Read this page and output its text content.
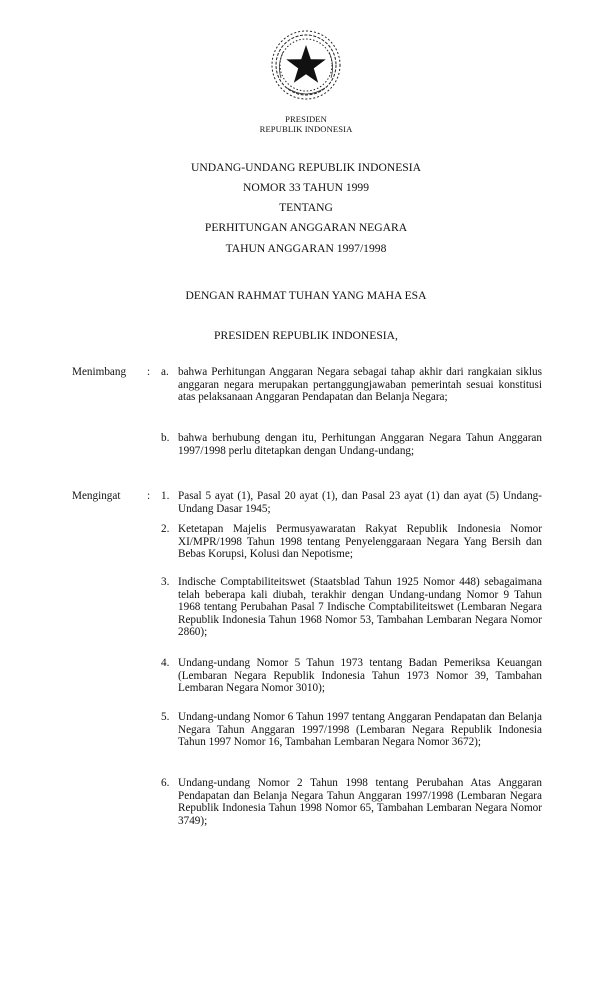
PRESIDEN
REPUBLIK INDONESIA
UNDANG-UNDANG REPUBLIK INDONESIA
NOMOR 33 TAHUN 1999
TENTANG
PERHITUNGAN ANGGARAN NEGARA
TAHUN ANGGARAN 1997/1998
DENGAN RAHMAT TUHAN YANG MAHA ESA
PRESIDEN REPUBLIK INDONESIA,
Menimbang : a. bahwa Perhitungan Anggaran Negara sebagai tahap akhir dari rangkaian siklus anggaran negara merupakan pertanggungjawaban pemerintah sesuai konstitusi atas pelaksanaan Anggaran Pendapatan dan Belanja Negara;
b. bahwa berhubung dengan itu, Perhitungan Anggaran Negara Tahun Anggaran 1997/1998 perlu ditetapkan dengan Undang-undang;
Mengingat : 1. Pasal 5 ayat (1), Pasal 20 ayat (1), dan Pasal 23 ayat (1) dan ayat (5) Undang-Undang Dasar 1945;
2. Ketetapan Majelis Permusyawaratan Rakyat Republik Indonesia Nomor XI/MPR/1998 Tahun 1998 tentang Penyelenggaraan Negara Yang Bersih dan Bebas Korupsi, Kolusi dan Nepotisme;
3. Indische Comptabiliteitswet (Staatsblad Tahun 1925 Nomor 448) sebagaimana telah beberapa kali diubah, terakhir dengan Undang-undang Nomor 9 Tahun 1968 tentang Perubahan Pasal 7 Indische Comptabiliteitswet (Lembaran Negara Republik Indonesia Tahun 1968 Nomor 53, Tambahan Lembaran Negara Nomor 2860);
4. Undang-undang Nomor 5 Tahun 1973 tentang Badan Pemeriksa Keuangan (Lembaran Negara Republik Indonesia Tahun 1973 Nomor 39, Tambahan Lembaran Negara Nomor 3010);
5. Undang-undang Nomor 6 Tahun 1997 tentang Anggaran Pendapatan dan Belanja Negara Tahun Anggaran 1997/1998 (Lembaran Negara Republik Indonesia Tahun 1997 Nomor 16, Tambahan Lembaran Negara Nomor 3672);
6. Undang-undang Nomor 2 Tahun 1998 tentang Perubahan Atas Anggaran Pendapatan dan Belanja Negara Tahun Anggaran 1997/1998 (Lembaran Negara Republik Indonesia Tahun 1998 Nomor 65, Tambahan Lembaran Negara Nomor 3749);
